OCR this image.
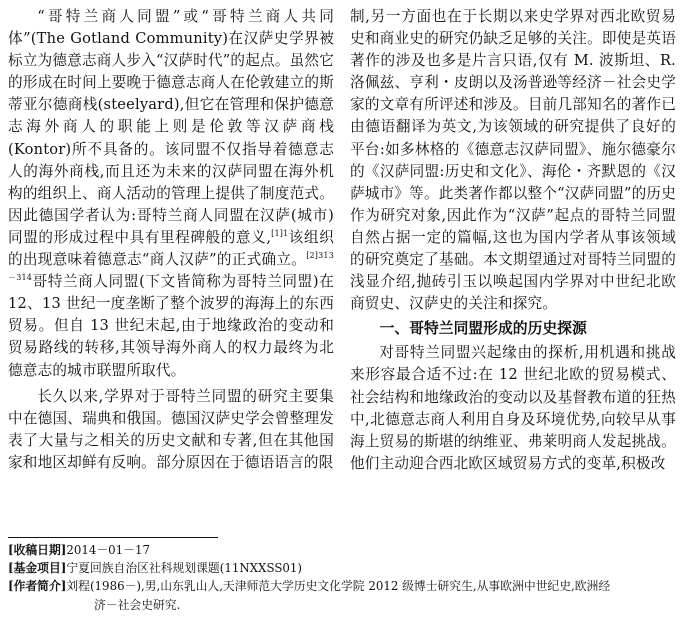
“哥特兰商人同盟”或“哥特兰商人共同体”(The Gotland Community)在汉萨史学界被标立为德意志商人步入“汉萨时代”的起点。虽然它的形成在时间上要晚于德意志商人在伦敦建立的斯蒂亚尔德商栈(steelyard),但它在管理和保护德意志海外商人的职能上则是伦敦等汉萨商栈(Kontor)所不具备的。该同盟不仅指导着德意志人的海外商栈,而且还为未来的汉萨同盟在海外机构的组织上、商人活动的管理上提供了制度范式。因此德国学者认为:哥特兰商人同盟在汉萨(城市)同盟的形成过程中具有里程碑般的意义,$^{[1]1}$该组织的出现意味着德意志“商人汉萨”的正式确立。$^{[2]313-314}$哥特兰商人同盟(下文皆简称为哥特兰同盟)在 12、13 世纪一度垄断了整个波罗的海海上的东西贸易。但自 13 世纪末起,由于地缘政治的变动和贸易路线的转移,其领导海外商人的权力最终为北德意志的城市联盟所取代。

长久以来,学界对于哥特兰同盟的研究主要集中在德国、瑞典和俄国。德国汉萨史学会曾整理发表了大量与之相关的历史文献和专著,但在其他国家和地区却鲜有反响。部分原因在于德语语言的限

制,另一方面也在于长期以来史学界对西北欧贸易史和商业史的研究仍缺乏足够的关注。即使是英语著作的涉及也多是片言只语,仅有 M. 波斯坦、R. 洛佩兹、亨利・皮朗以及汤普逊等经济－社会史学家的文章有所评述和涉及。目前几部知名的著作已由德语翻译为英文,为该领域的研究提供了良好的平台:如多林格的《德意志汉萨同盟》、施尔德豪尔的《汉萨同盟:历史和文化》、海伦・齐默恩的《汉萨城市》等。此类著作都以整个“汉萨同盟”的历史作为研究对象,因此作为“汉萨”起点的哥特兰同盟自然占据一定的篇幅,这也为国内学者从事该领域的研究奠定了基础。本文期望通过对哥特兰同盟的浅显介绍,抛砖引玉以唤起国内学界对中世纪北欧商贸史、汉萨史的关注和探究。

一、哥特兰同盟形成的历史探源

对哥特兰同盟兴起缘由的探析,用机遇和挑战来形容最合适不过:在 12 世纪北欧的贸易模式、社会结构和地缘政治的变动以及基督教布道的狂热中,北德意志商人利用自身及环境优势,向较早从事海上贸易的斯堪的纳维亚、弗莱明商人发起挑战。他们主动迎合西北欧区域贸易方式的变革,积极改

[收稿日期]2014－01－17

[基金项目]宁夏回族自治区社科规划课题(11NXXSS01)

[作者简介]刘程(1986－),男,山东乳山人,天津师范大学历史文化学院 2012 级博士研究生,从事欧洲中世纪史,欧洲经

济－社会史研究.
